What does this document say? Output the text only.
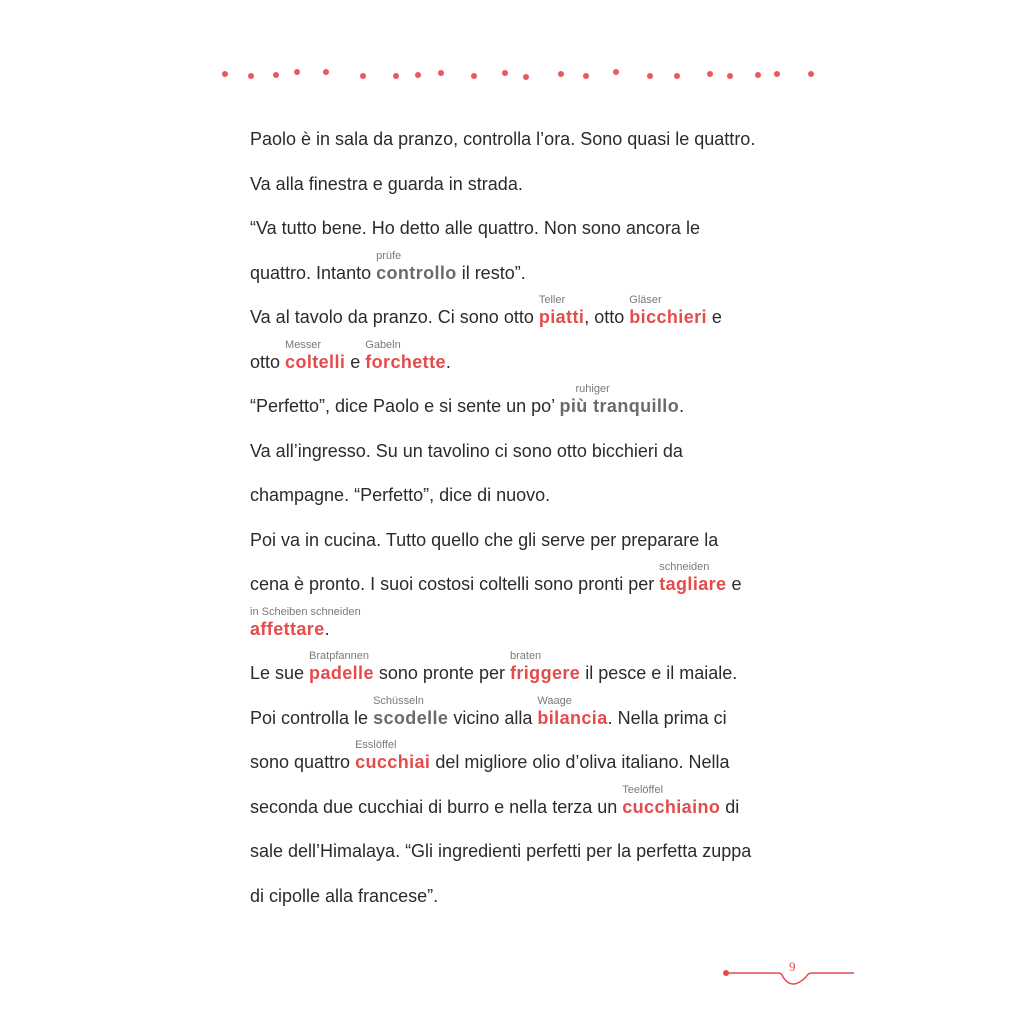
Paolo è in sala da pranzo, controlla l’ora. Sono quasi le quattro.
Va alla finestra e guarda in strada.
“Va tutto bene. Ho detto alle quattro. Non sono ancora le
quattro. Intanto
prüfe
controllo il resto”.
Va al tavolo da pranzo. Ci sono otto
Teller
piatti, otto
Gläser
bicchieri e
otto
Messer
coltelli e
Gabeln
forchette.
“Perfetto”, dice Paolo e si sente un po’
ruhiger
più tranquillo.
Va all’ingresso. Su un tavolino ci sono otto bicchieri da
champagne. “Perfetto”, dice di nuovo.
Poi va in cucina. Tutto quello che gli serve per preparare la
cena è pronto. I suoi costosi coltelli sono pronti per
schneiden
tagliare e
in Scheiben schneiden
affettare.
Le sue
Bratpfannen
padelle sono pronte per
braten
friggere il pesce e il maiale.
Poi controlla le
Schüsseln
scodelle vicino alla
Waage
bilancia. Nella prima ci
sono quattro
Esslöffel
cucchiai del migliore olio d’oliva italiano. Nella
seconda due cucchiai di burro e nella terza un
Teelöffel
cucchiaino di
sale dell’Himalaya. “Gli ingredienti perfetti per la perfetta zuppa
di cipolle alla francese”.
9
